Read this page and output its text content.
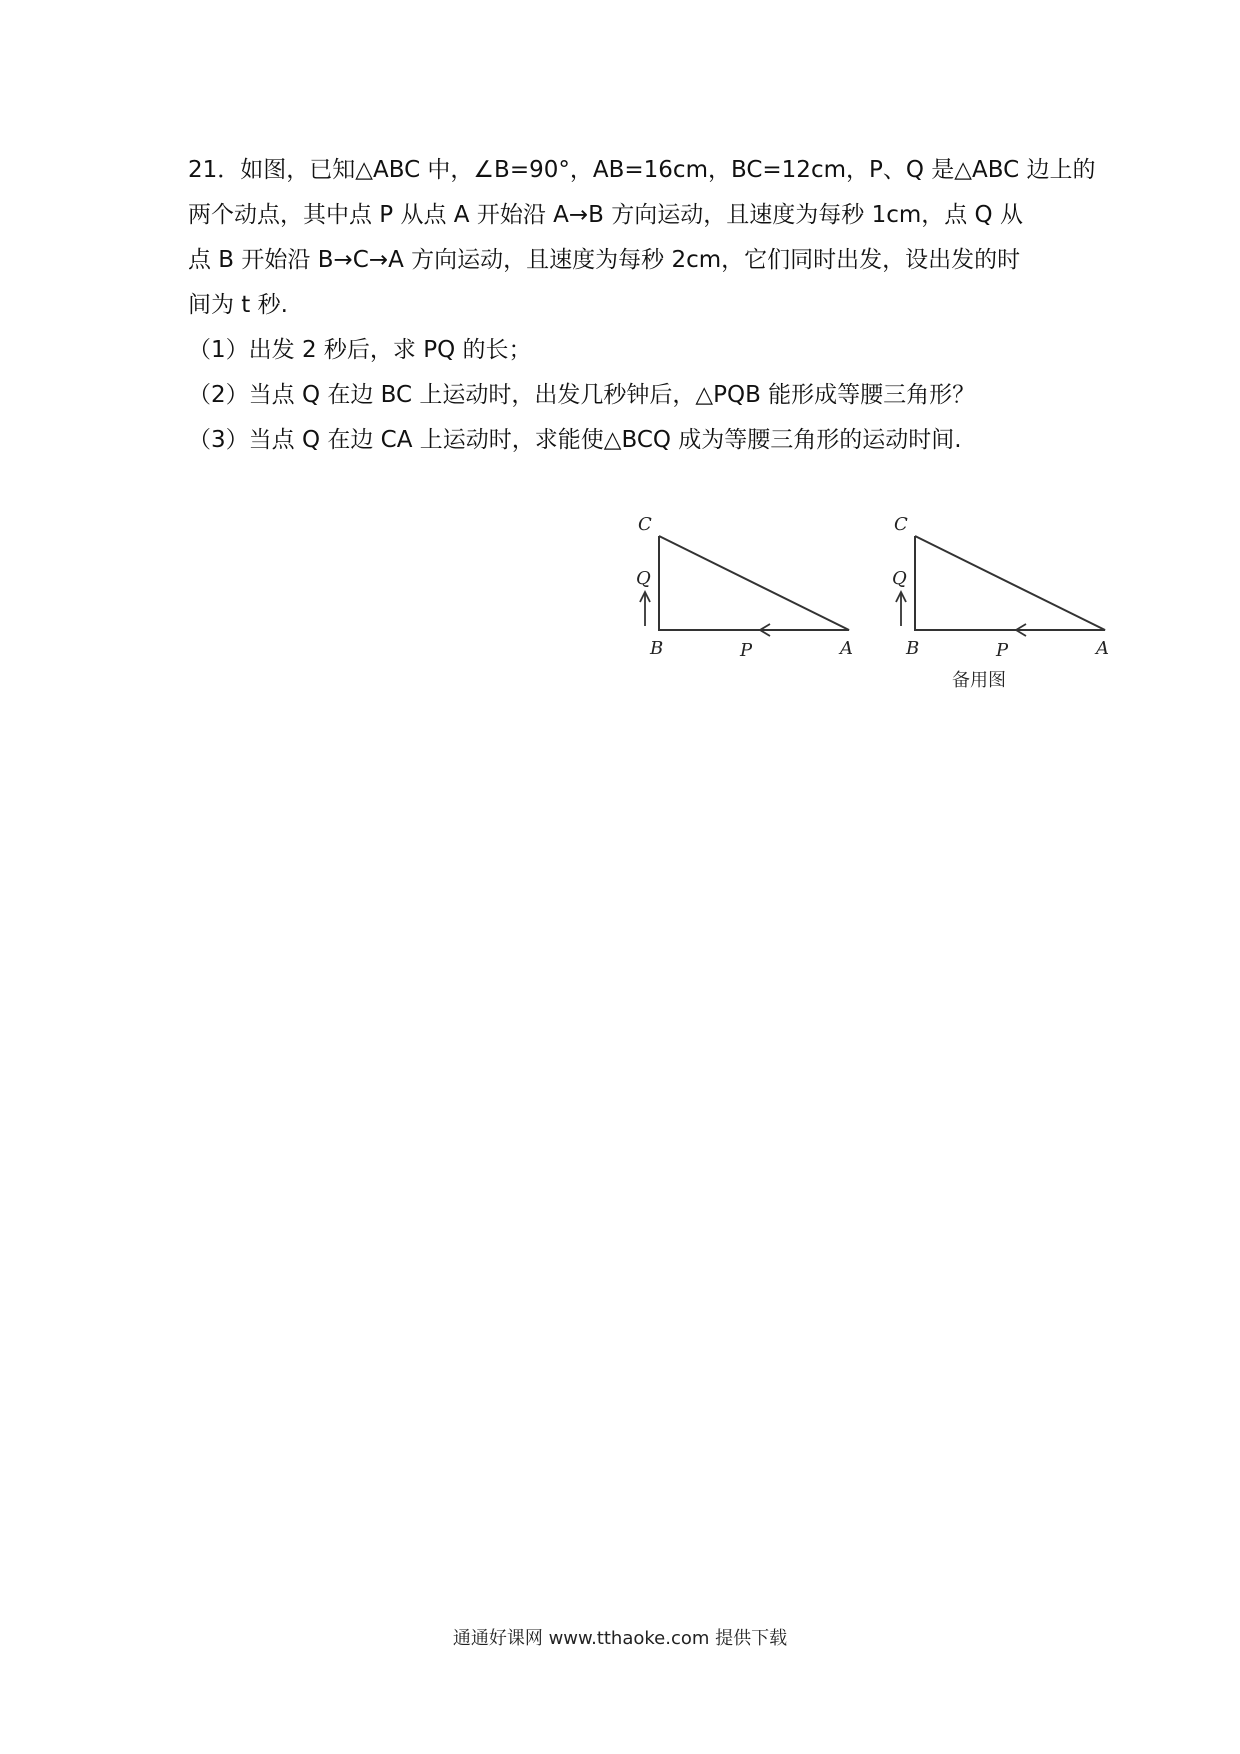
21．如图，已知△ABC 中，∠B=90°，AB=16cm，BC=12cm，P、Q 是△ABC 边上的

两个动点，其中点 P 从点 A 开始沿 A→B 方向运动，且速度为每秒 1cm，点 Q 从

点 B 开始沿 B→C→A 方向运动，且速度为每秒 2cm，它们同时出发，设出发的时

间为 t 秒.

（1）出发 2 秒后，求 PQ 的长；
（2）当点 Q 在边 BC 上运动时，出发几秒钟后，△PQB 能形成等腰三角形？
（3）当点 Q 在边 CA 上运动时，求能使△BCQ 成为等腰三角形的运动时间.
C
Q
B	P	A
C
Q
B	P	A
备用图
通通好课网 www.tthaoke.com 提供下载
